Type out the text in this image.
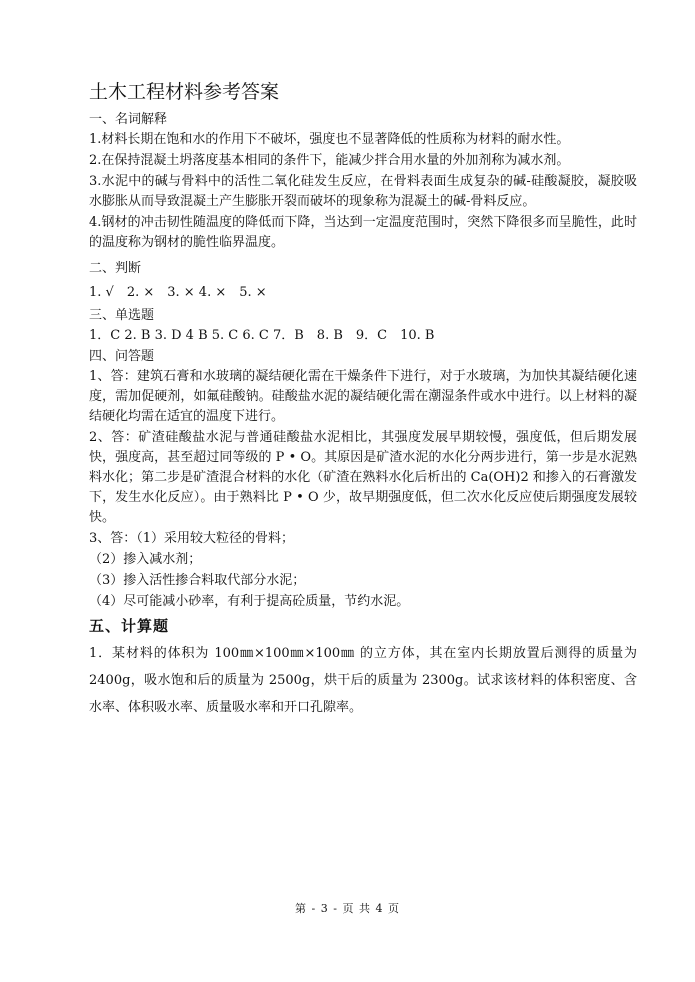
土木工程材料参考答案
一、名词解释

1.材料长期在饱和水的作用下不破坏，强度也不显著降低的性质称为材料的耐水性。

2.在保持混凝土坍落度基本相同的条件下，能减少拌合用水量的外加剂称为减水剂。

3.水泥中的碱与骨料中的活性二氧化硅发生反应，在骨料表面生成复杂的碱-硅酸凝胶，凝胶吸水膨胀从而导致混凝土产生膨胀开裂而破坏的现象称为混凝土的碱-骨料反应。

4.钢材的冲击韧性随温度的降低而下降，当达到一定温度范围时，突然下降很多而呈脆性，此时的温度称为钢材的脆性临界温度。

二、判断

1. √　2. ×　3. × 4. ×　5. ×

三、单选题

1．C 2. B 3. D 4 B 5. C 6. C 7．B　8. B　9．C　10. B

四、问答题

1、答：建筑石膏和水玻璃的凝结硬化需在干燥条件下进行，对于水玻璃，为加快其凝结硬化速度，需加促硬剂，如氟硅酸钠。硅酸盐水泥的凝结硬化需在潮湿条件或水中进行。以上材料的凝结硬化均需在适宜的温度下进行。

2、答：矿渣硅酸盐水泥与普通硅酸盐水泥相比，其强度发展早期较慢，强度低，但后期发展快，强度高，甚至超过同等级的 P • O。其原因是矿渣水泥的水化分两步进行，第一步是水泥熟料水化；第二步是矿渣混合材料的水化（矿渣在熟料水化后析出的 Ca(OH)2 和掺入的石膏激发下，发生水化反应）。由于熟料比 P • O 少，故早期强度低，但二次水化反应使后期强度发展较快。

3、答：（1）采用较大粒径的骨料；

（2）掺入减水剂；

（3）掺入活性掺合料取代部分水泥；

（4）尽可能减小砂率，有利于提高砼质量，节约水泥。

五、计算题

1．某材料的体积为 100㎜×100㎜×100㎜ 的立方体，其在室内长期放置后测得的质量为 2400g，吸水饱和后的质量为 2500g，烘干后的质量为 2300g。试求该材料的体积密度、含水率、体积吸水率、质量吸水率和开口孔隙率。

第 - 3 - 页 共 4 页
